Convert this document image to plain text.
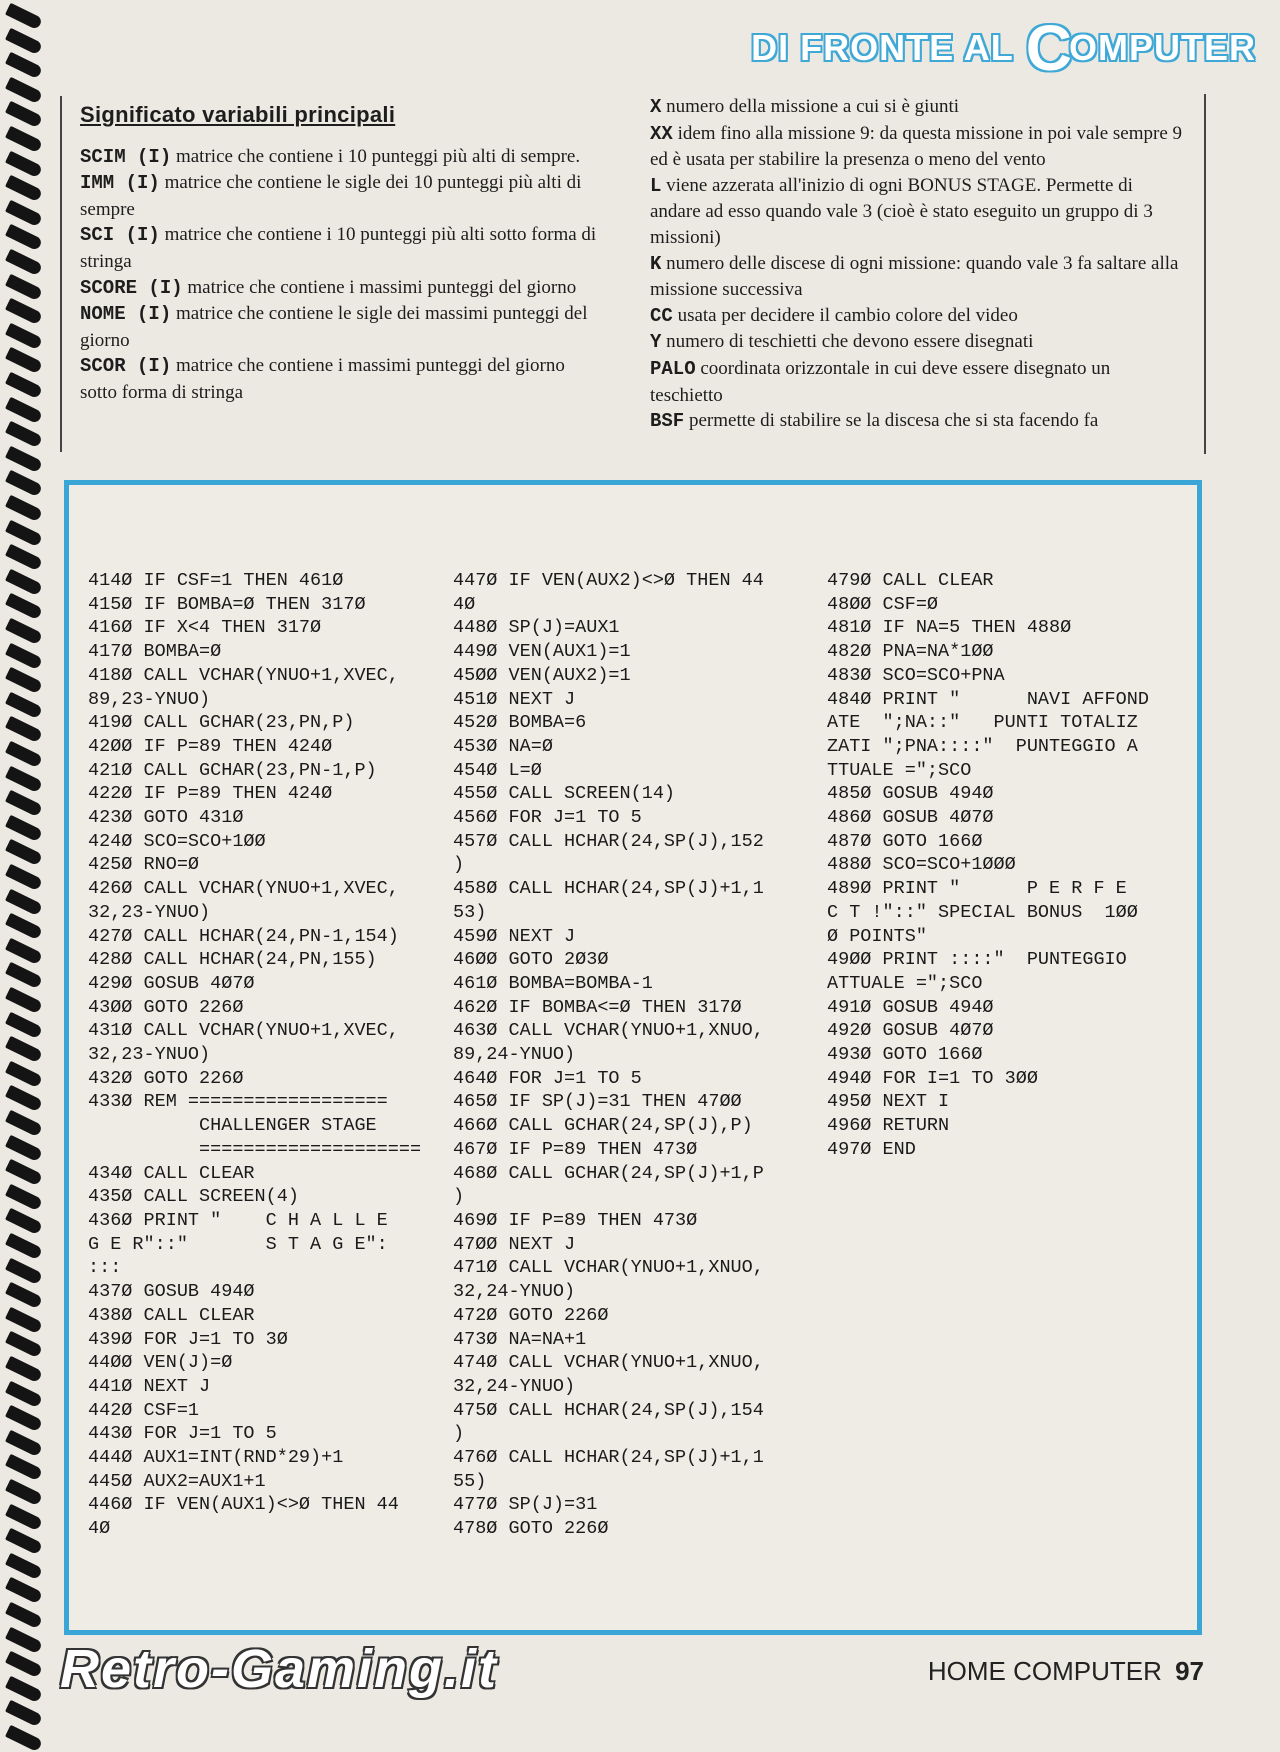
DI FRONTE AL C
OMPUTER
Significato variabili principali

SCIM (I) matrice che contiene i 10 punteggi più alti di sempre.

IMM (I) matrice che contiene le sigle dei 10 punteggi più alti di sempre

SCI (I) matrice che contiene i 10 punteggi più alti sotto forma di stringa

SCORE (I) matrice che contiene i massimi punteggi del giorno

NOME (I) matrice che contiene le sigle dei massimi punteggi del giorno

SCOR (I) matrice che contiene i massimi punteggi del giorno sotto forma di stringa

X numero della missione a cui si è giunti

XX idem fino alla missione 9: da questa missione in poi vale sempre 9 ed è usata per stabilire la presenza o meno del vento

L viene azzerata all'inizio di ogni BONUS STAGE. Permette di andare ad esso quando vale 3 (cioè è stato eseguito un gruppo di 3 missioni)

K numero delle discese di ogni missione: quando vale 3 fa saltare alla missione successiva

CC usata per decidere il cambio colore del video

Y numero di teschietti che devono essere disegnati

PALO coordinata orizzontale in cui deve essere disegnato un teschietto

BSF permette di stabilire se la discesa che si sta facendo fa

414Ø IF CSF=1 THEN 461Ø
415Ø IF BOMBA=Ø THEN 317Ø
416Ø IF X<4 THEN 317Ø
417Ø BOMBA=Ø
418Ø CALL VCHAR(YNUO+1,XVEC,
89,23-YNUO)
419Ø CALL GCHAR(23,PN,P)
42ØØ IF P=89 THEN 424Ø
421Ø CALL GCHAR(23,PN-1,P)
422Ø IF P=89 THEN 424Ø
423Ø GOTO 431Ø
424Ø SCO=SCO+1ØØ
425Ø RNO=Ø
426Ø CALL VCHAR(YNUO+1,XVEC,
32,23-YNUO)
427Ø CALL HCHAR(24,PN-1,154)
428Ø CALL HCHAR(24,PN,155)
429Ø GOSUB 4Ø7Ø
43ØØ GOTO 226Ø
431Ø CALL VCHAR(YNUO+1,XVEC,
32,23-YNUO)
432Ø GOTO 226Ø
433Ø REM ==================
CHALLENGER STAGE
====================
434Ø CALL CLEAR
435Ø CALL SCREEN(4)
436Ø PRINT "    C H A L L E
G E R"::"       S T A G E":
:::
437Ø GOSUB 494Ø
438Ø CALL CLEAR
439Ø FOR J=1 TO 3Ø
44ØØ VEN(J)=Ø
441Ø NEXT J
442Ø CSF=1
443Ø FOR J=1 TO 5
444Ø AUX1=INT(RND*29)+1
445Ø AUX2=AUX1+1
446Ø IF VEN(AUX1)<>Ø THEN 44
4Ø
447Ø IF VEN(AUX2)<>Ø THEN 44
4Ø
448Ø SP(J)=AUX1
449Ø VEN(AUX1)=1
45ØØ VEN(AUX2)=1
451Ø NEXT J
452Ø BOMBA=6
453Ø NA=Ø
454Ø L=Ø
455Ø CALL SCREEN(14)
456Ø FOR J=1 TO 5
457Ø CALL HCHAR(24,SP(J),152
)
458Ø CALL HCHAR(24,SP(J)+1,1
53)
459Ø NEXT J
46ØØ GOTO 2Ø3Ø
461Ø BOMBA=BOMBA-1
462Ø IF BOMBA<=Ø THEN 317Ø
463Ø CALL VCHAR(YNUO+1,XNUO,
89,24-YNUO)
464Ø FOR J=1 TO 5
465Ø IF SP(J)=31 THEN 47ØØ
466Ø CALL GCHAR(24,SP(J),P)
467Ø IF P=89 THEN 473Ø
468Ø CALL GCHAR(24,SP(J)+1,P
)
469Ø IF P=89 THEN 473Ø
47ØØ NEXT J
471Ø CALL VCHAR(YNUO+1,XNUO,
32,24-YNUO)
472Ø GOTO 226Ø
473Ø NA=NA+1
474Ø CALL VCHAR(YNUO+1,XNUO,
32,24-YNUO)
475Ø CALL HCHAR(24,SP(J),154
)
476Ø CALL HCHAR(24,SP(J)+1,1
55)
477Ø SP(J)=31
478Ø GOTO 226Ø
479Ø CALL CLEAR
48ØØ CSF=Ø
481Ø IF NA=5 THEN 488Ø
482Ø PNA=NA*1ØØ
483Ø SCO=SCO+PNA
484Ø PRINT "      NAVI AFFOND
ATE  ";NA::"   PUNTI TOTALIZ
ZATI ";PNA::::"  PUNTEGGIO A
TTUALE =";SCO
485Ø GOSUB 494Ø
486Ø GOSUB 4Ø7Ø
487Ø GOTO 166Ø
488Ø SCO=SCO+1ØØØ
489Ø PRINT "      P E R F E
C T !"::" SPECIAL BONUS  1ØØ
Ø POINTS"
49ØØ PRINT ::::"  PUNTEGGIO
ATTUALE =";SCO
491Ø GOSUB 494Ø
492Ø GOSUB 4Ø7Ø
493Ø GOTO 166Ø
494Ø FOR I=1 TO 3ØØ
495Ø NEXT I
496Ø RETURN
497Ø END
Retro-Gaming.it	HOME COMPUTER 97
